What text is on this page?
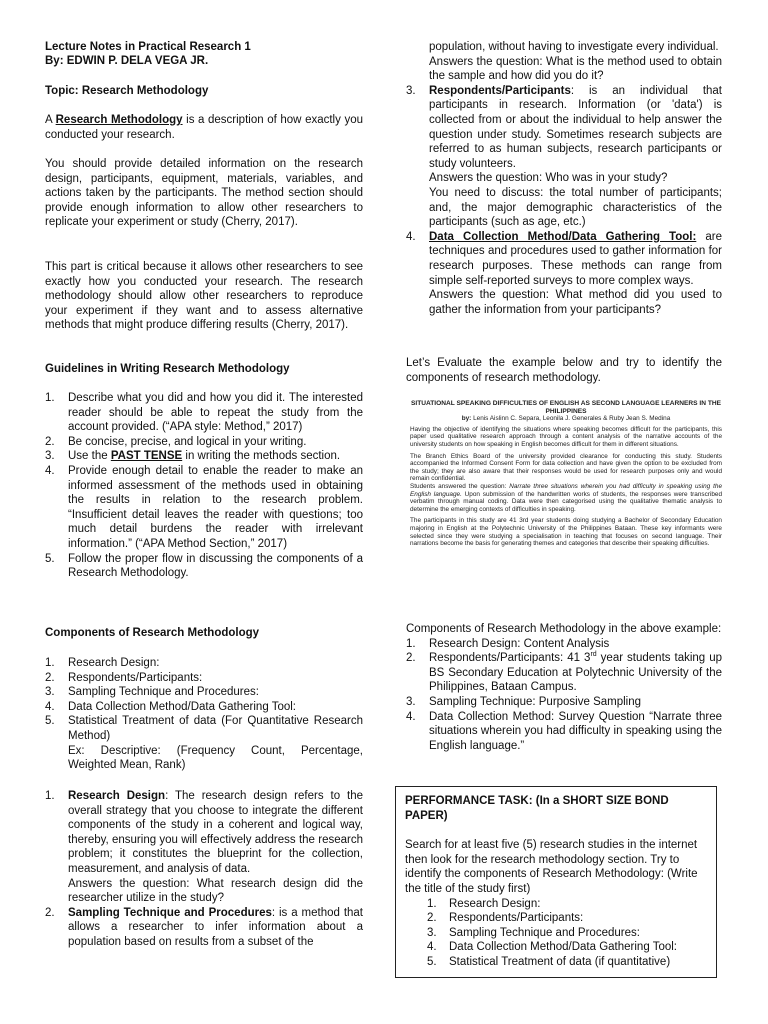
Lecture Notes in Practical Research 1

By: EDWIN P. DELA VEGA JR.

Topic: Research Methodology

A Research Methodology is a description of how exactly you conducted your research.

You should provide detailed information on the research design, participants, equipment, materials, variables, and actions taken by the participants. The method section should provide enough information to allow other researchers to replicate your experiment or study (Cherry, 2017).

This part is critical because it allows other researchers to see exactly how you conducted your research. The research methodology should allow other researchers to reproduce your experiment if they want and to assess alternative methods that might produce differing results (Cherry, 2017).

Guidelines in Writing Research Methodology

1. Describe what you did and how you did it. The interested reader should be able to repeat the study from the account provided. (“APA style: Method,” 2017)
2. Be concise, precise, and logical in your writing.
3. Use the PAST TENSE in writing the methods section.
4. Provide enough detail to enable the reader to make an informed assessment of the methods used in obtaining the results in relation to the research problem. “Insufficient detail leaves the reader with questions; too much detail burdens the reader with irrelevant information.” (“APA Method Section,” 2017)
5. Follow the proper flow in discussing the components of a Research Methodology.

Components of Research Methodology

1. Research Design:
2. Respondents/Participants:
3. Sampling Technique and Procedures:
4. Data Collection Method/Data Gathering Tool:
5. Statistical Treatment of data (For Quantitative Research Method)
Ex: Descriptive: (Frequency Count, Percentage, Weighted Mean, Rank)
1. Research Design: The research design refers to the overall strategy that you choose to integrate the different components of the study in a coherent and logical way, thereby, ensuring you will effectively address the research problem; it constitutes the blueprint for the collection, measurement, and analysis of data.
Answers the question: What research design did the researcher utilize in the study?
2. Sampling Technique and Procedures: is a method that allows a researcher to infer information about a population based on results from a subset of the
population, without having to investigate every individual.
Answers the question: What is the method used to obtain the sample and how did you do it?
3. Respondents/Participants: is an individual that participants in research. Information (or 'data') is collected from or about the individual to help answer the question under study. Sometimes research subjects are referred to as human subjects, research participants or study volunteers.
Answers the question: Who was in your study?
You need to discuss: the total number of participants; and, the major demographic characteristics of the participants (such as age, etc.)
4. Data Collection Method/Data Gathering Tool: are techniques and procedures used to gather information for research purposes. These methods can range from simple self-reported surveys to more complex ways.
Answers the question: What method did you used to gather the information from your participants?

Let’s Evaluate the example below and try to identify the components of research methodology.

SITUATIONAL SPEAKING DIFFICULTIES OF ENGLISH AS SECOND LANGUAGE LEARNERS IN THE PHILIPPINES
by: Lenis Aislinn C. Separa, Leonila J. Generales & Ruby Jean S. Medina

Having the objective of identifying the situations where speaking becomes difficult for the participants, this paper used qualitative research approach through a content analysis of the narrative accounts of the university students on how speaking in English becomes difficult for them in different situations.

The Branch Ethics Board of the university provided clearance for conducting this study. Students accompanied the Informed Consent Form for data collection and have given the option to be excluded from the study; they are also aware that their responses would be used for research purposes only and would remain confidential.
Students answered the question: Narrate three situations wherein you had difficulty in speaking using the English language. Upon submission of the handwritten works of students, the responses were transcribed verbatim through manual coding. Data were then categorised using the qualitative thematic analysis to determine the emerging contexts of difficulties in speaking.

The participants in this study are 41 3rd year students doing studying a Bachelor of Secondary Education majoring in English at the Polytechnic University of the Philippines Bataan. These key informants were selected since they were studying a specialisation in teaching that focuses on second language. Their narrations become the basis for generating themes and categories that describe their speaking difficulties.

Components of Research Methodology in the above example:

1. Research Design: Content Analysis
2. Respondents/Participants: 41 3rd year students taking up BS Secondary Education at Polytechnic University of the Philippines, Bataan Campus.
3. Sampling Technique: Purposive Sampling
4. Data Collection Method: Survey Question “Narrate three situations wherein you had difficulty in speaking using the English language.”

PERFORMANCE TASK: (In a SHORT SIZE BOND PAPER)

Search for at least five (5) research studies in the internet then look for the research methodology section. Try to identify the components of Research Methodology: (Write the title of the study first)

1. Research Design:
2. Respondents/Participants:
3. Sampling Technique and Procedures:
4. Data Collection Method/Data Gathering Tool:
5. Statistical Treatment of data (if quantitative)
